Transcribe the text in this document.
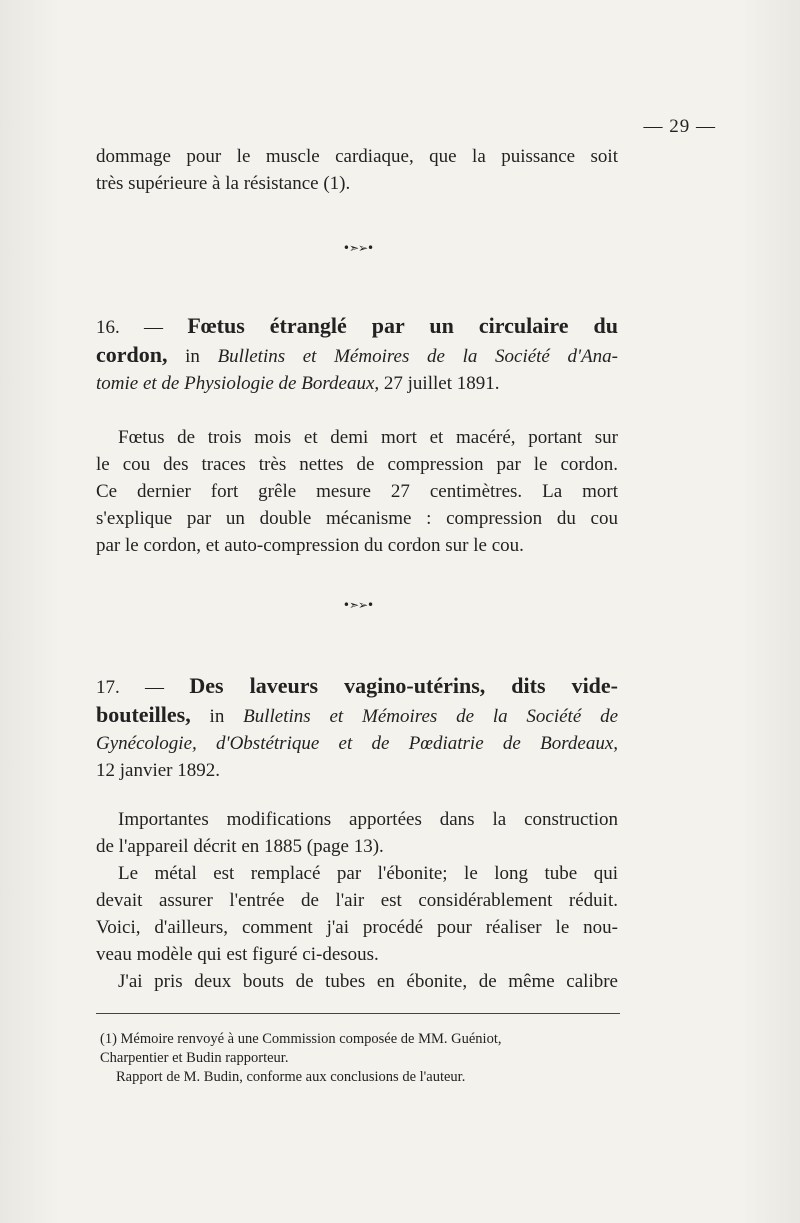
— 29 —
dommage pour le muscle cardiaque, que la puissance soit
très supérieure à la résistance (1).
•➣➢•
16. — Fœtus étranglé par un circulaire du
cordon, in Bulletins et Mémoires de la Société d'Ana-
tomie et de Physiologie de Bordeaux, 27 juillet 1891.
Fœtus de trois mois et demi mort et macéré, portant sur
le cou des traces très nettes de compression par le cordon.
Ce dernier fort grêle mesure 27 centimètres. La mort
s'explique par un double mécanisme : compression du cou
par le cordon, et auto-compression du cordon sur le cou.
•➣➢•
17. — Des laveurs vagino-utérins, dits vide-
bouteilles, in Bulletins et Mémoires de la Société de
Gynécologie, d'Obstétrique et de Pœdiatrie de Bordeaux,
12 janvier 1892.
Importantes modifications apportées dans la construction
de l'appareil décrit en 1885 (page 13).
Le métal est remplacé par l'ébonite; le long tube qui
devait assurer l'entrée de l'air est considérablement réduit.
Voici, d'ailleurs, comment j'ai procédé pour réaliser le nou-
veau modèle qui est figuré ci-desous.
J'ai pris deux bouts de tubes en ébonite, de même calibre
(1) Mémoire renvoyé à une Commission composée de MM. Guéniot,
Charpentier et Budin rapporteur.
Rapport de M. Budin, conforme aux conclusions de l'auteur.
